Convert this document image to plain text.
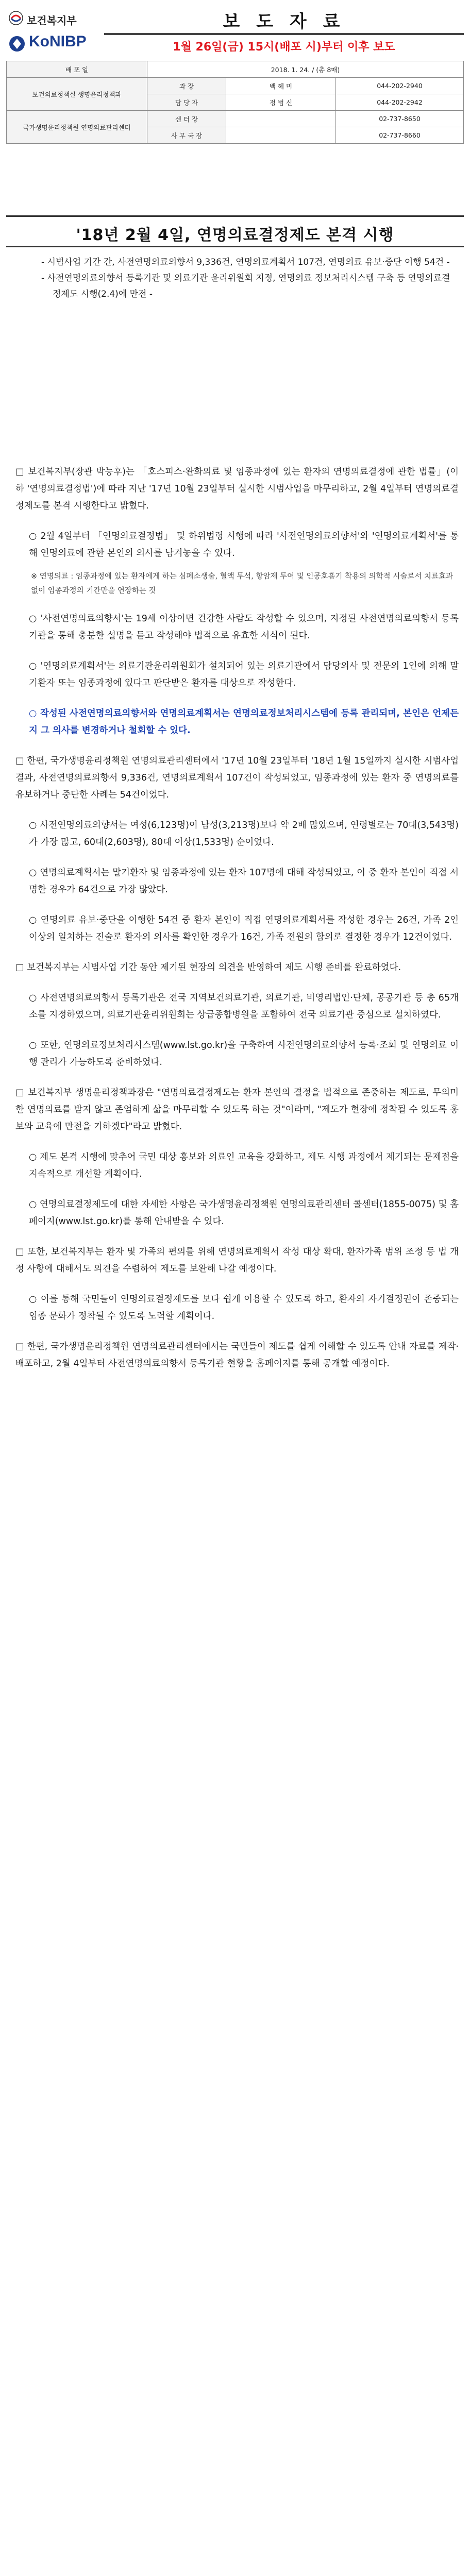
보건복지부
KoNIBP
보 도 자 료
1월 26일(금) 15시(배포 시)부터 이후 보도
배 포 일	2018. 1. 24. / (총 8매)		
보건의료정책실 생명윤리정책과	과 장	백 혜 미	044-202-2940
	담 당 자	정 범 신	044-202-2942
국가생명윤리정책원 연명의료관리센터	센 터 장		02-737-8650
	사 무 국 장		02-737-8660
'18년 2월 4일, 연명의료결정제도 본격 시행
- 시범사업 기간 간, 사전연명의료의향서 9,336건, 연명의료계획서 107건, 연명의료 유보·중단 이행 54건 -
- 사전연명의료의향서 등록기관 및 의료기관 윤리위원회 지정, 연명의료 정보처리시스템 구축 등 연명의료결정제도 시행(2.4)에 만전 -

□ 보건복지부(장관 박능후)는 「호스피스·완화의료 및 임종과정에 있는 환자의 연명의료결정에 관한 법률」(이하 '연명의료결정법')에 따라 지난 '17년 10월 23일부터 실시한 시범사업을 마무리하고, 2월 4일부터 연명의료결정제도를 본격 시행한다고 밝혔다.

○ 2월 4일부터 「연명의료결정법」 및 하위법령 시행에 따라 '사전연명의료의향서'와 '연명의료계획서'를 통해 연명의료에 관한 본인의 의사를 남겨놓을 수 있다.

※ 연명의료 : 임종과정에 있는 환자에게 하는 심폐소생술, 혈액 투석, 항암제 투여 및 인공호흡기 착용의 의학적 시술로서 치료효과 없이 임종과정의 기간만을 연장하는 것

○ '사전연명의료의향서'는 19세 이상이면 건강한 사람도 작성할 수 있으며, 지정된 사전연명의료의향서 등록기관을 통해 충분한 설명을 듣고 작성해야 법적으로 유효한 서식이 된다.

○ '연명의료계획서'는 의료기관윤리위원회가 설치되어 있는 의료기관에서 담당의사 및 전문의 1인에 의해 말기환자 또는 임종과정에 있다고 판단받은 환자를 대상으로 작성한다.

○ 작성된 사전연명의료의향서와 연명의료계획서는 연명의료정보처리시스템에 등록 관리되며, 본인은 언제든지 그 의사를 변경하거나 철회할 수 있다.

□ 한편, 국가생명윤리정책원 연명의료관리센터에서 '17년 10월 23일부터 '18년 1월 15일까지 실시한 시범사업 결과, 사전연명의료의향서 9,336건, 연명의료계획서 107건이 작성되었고, 임종과정에 있는 환자 중 연명의료를 유보하거나 중단한 사례는 54건이었다.

○ 사전연명의료의향서는 여성(6,123명)이 남성(3,213명)보다 약 2배 많았으며, 연령별로는 70대(3,543명)가 가장 많고, 60대(2,603명), 80대 이상(1,533명) 순이었다.

○ 연명의료계획서는 말기환자 및 임종과정에 있는 환자 107명에 대해 작성되었고, 이 중 환자 본인이 직접 서명한 경우가 64건으로 가장 많았다.

○ 연명의료 유보·중단을 이행한 54건 중 환자 본인이 직접 연명의료계획서를 작성한 경우는 26건, 가족 2인 이상의 일치하는 진술로 환자의 의사를 확인한 경우가 16건, 가족 전원의 합의로 결정한 경우가 12건이었다.

□ 보건복지부는 시범사업 기간 동안 제기된 현장의 의견을 반영하여 제도 시행 준비를 완료하였다.

○ 사전연명의료의향서 등록기관은 전국 지역보건의료기관, 의료기관, 비영리법인·단체, 공공기관 등 총 65개소를 지정하였으며, 의료기관윤리위원회는 상급종합병원을 포함하여 전국 의료기관 중심으로 설치하였다.

○ 또한, 연명의료정보처리시스템(www.lst.go.kr)을 구축하여 사전연명의료의향서 등록·조회 및 연명의료 이행 관리가 가능하도록 준비하였다.

□ 보건복지부 생명윤리정책과장은 "연명의료결정제도는 환자 본인의 결정을 법적으로 존중하는 제도로, 무의미한 연명의료를 받지 않고 존엄하게 삶을 마무리할 수 있도록 하는 것"이라며, "제도가 현장에 정착될 수 있도록 홍보와 교육에 만전을 기하겠다"라고 밝혔다.

○ 제도 본격 시행에 맞추어 국민 대상 홍보와 의료인 교육을 강화하고, 제도 시행 과정에서 제기되는 문제점을 지속적으로 개선할 계획이다.

○ 연명의료결정제도에 대한 자세한 사항은 국가생명윤리정책원 연명의료관리센터 콜센터(1855-0075) 및 홈페이지(www.lst.go.kr)를 통해 안내받을 수 있다.

□ 또한, 보건복지부는 환자 및 가족의 편의를 위해 연명의료계획서 작성 대상 확대, 환자가족 범위 조정 등 법 개정 사항에 대해서도 의견을 수렴하여 제도를 보완해 나갈 예정이다.

○ 이를 통해 국민들이 연명의료결정제도를 보다 쉽게 이용할 수 있도록 하고, 환자의 자기결정권이 존중되는 임종 문화가 정착될 수 있도록 노력할 계획이다.

□ 한편, 국가생명윤리정책원 연명의료관리센터에서는 국민들이 제도를 쉽게 이해할 수 있도록 안내 자료를 제작·배포하고, 2월 4일부터 사전연명의료의향서 등록기관 현황을 홈페이지를 통해 공개할 예정이다.
